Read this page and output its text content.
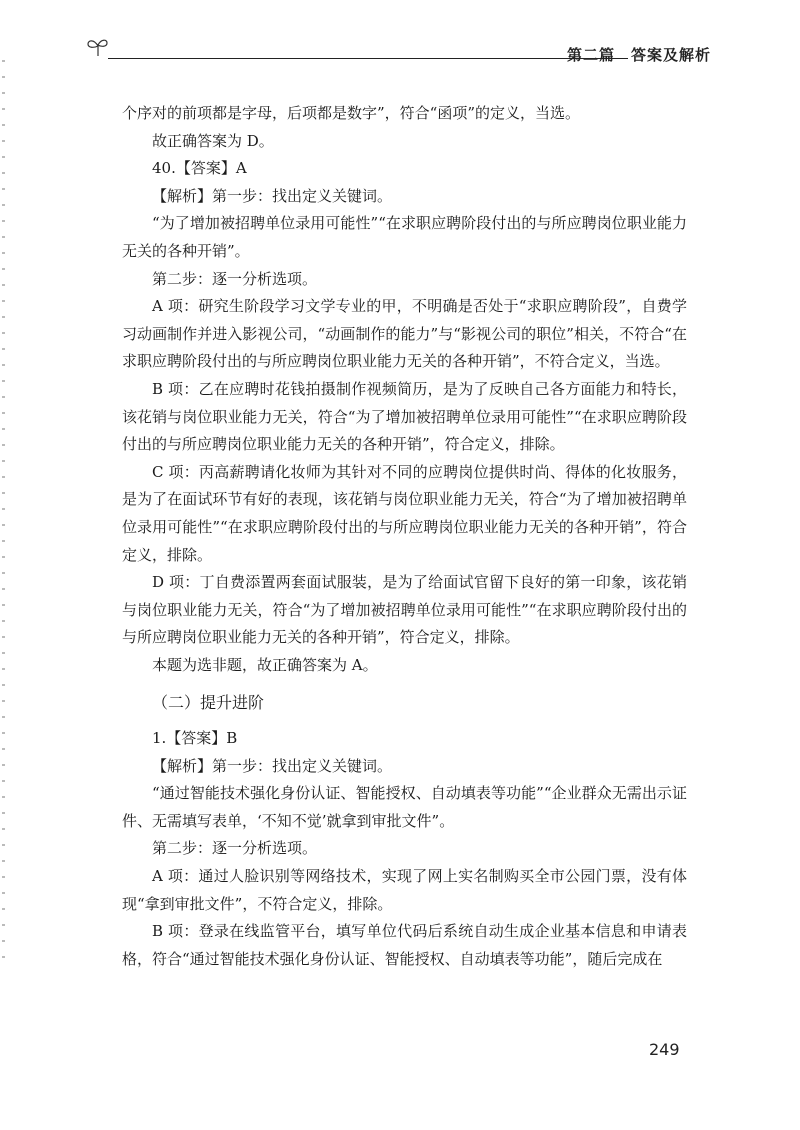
第二篇　答案及解析

个序对的前项都是字母，后项都是数字”，符合“函项”的定义，当选。

故正确答案为 D。

40.【答案】A

【解析】第一步：找出定义关键词。

“为了增加被招聘单位录用可能性”“在求职应聘阶段付出的与所应聘岗位职业能力无关的各种开销”。

第二步：逐一分析选项。

A 项：研究生阶段学习文学专业的甲，不明确是否处于“求职应聘阶段”，自费学习动画制作并进入影视公司，“动画制作的能力”与“影视公司的职位”相关，不符合“在求职应聘阶段付出的与所应聘岗位职业能力无关的各种开销”，不符合定义，当选。

B 项：乙在应聘时花钱拍摄制作视频简历，是为了反映自己各方面能力和特长，该花销与岗位职业能力无关，符合“为了增加被招聘单位录用可能性”“在求职应聘阶段付出的与所应聘岗位职业能力无关的各种开销”，符合定义，排除。

C 项：丙高薪聘请化妆师为其针对不同的应聘岗位提供时尚、得体的化妆服务，是为了在面试环节有好的表现，该花销与岗位职业能力无关，符合“为了增加被招聘单位录用可能性”“在求职应聘阶段付出的与所应聘岗位职业能力无关的各种开销”，符合定义，排除。

D 项：丁自费添置两套面试服装，是为了给面试官留下良好的第一印象，该花销与岗位职业能力无关，符合“为了增加被招聘单位录用可能性”“在求职应聘阶段付出的与所应聘岗位职业能力无关的各种开销”，符合定义，排除。

本题为选非题，故正确答案为 A。

（二）提升进阶

1.【答案】B

【解析】第一步：找出定义关键词。

“通过智能技术强化身份认证、智能授权、自动填表等功能”“企业群众无需出示证件、无需填写表单，‘不知不觉’就拿到审批文件”。

第二步：逐一分析选项。

A 项：通过人脸识别等网络技术，实现了网上实名制购买全市公园门票，没有体现“拿到审批文件”，不符合定义，排除。

B 项：登录在线监管平台，填写单位代码后系统自动生成企业基本信息和申请表格，符合“通过智能技术强化身份认证、智能授权、自动填表等功能”，随后完成在

249
